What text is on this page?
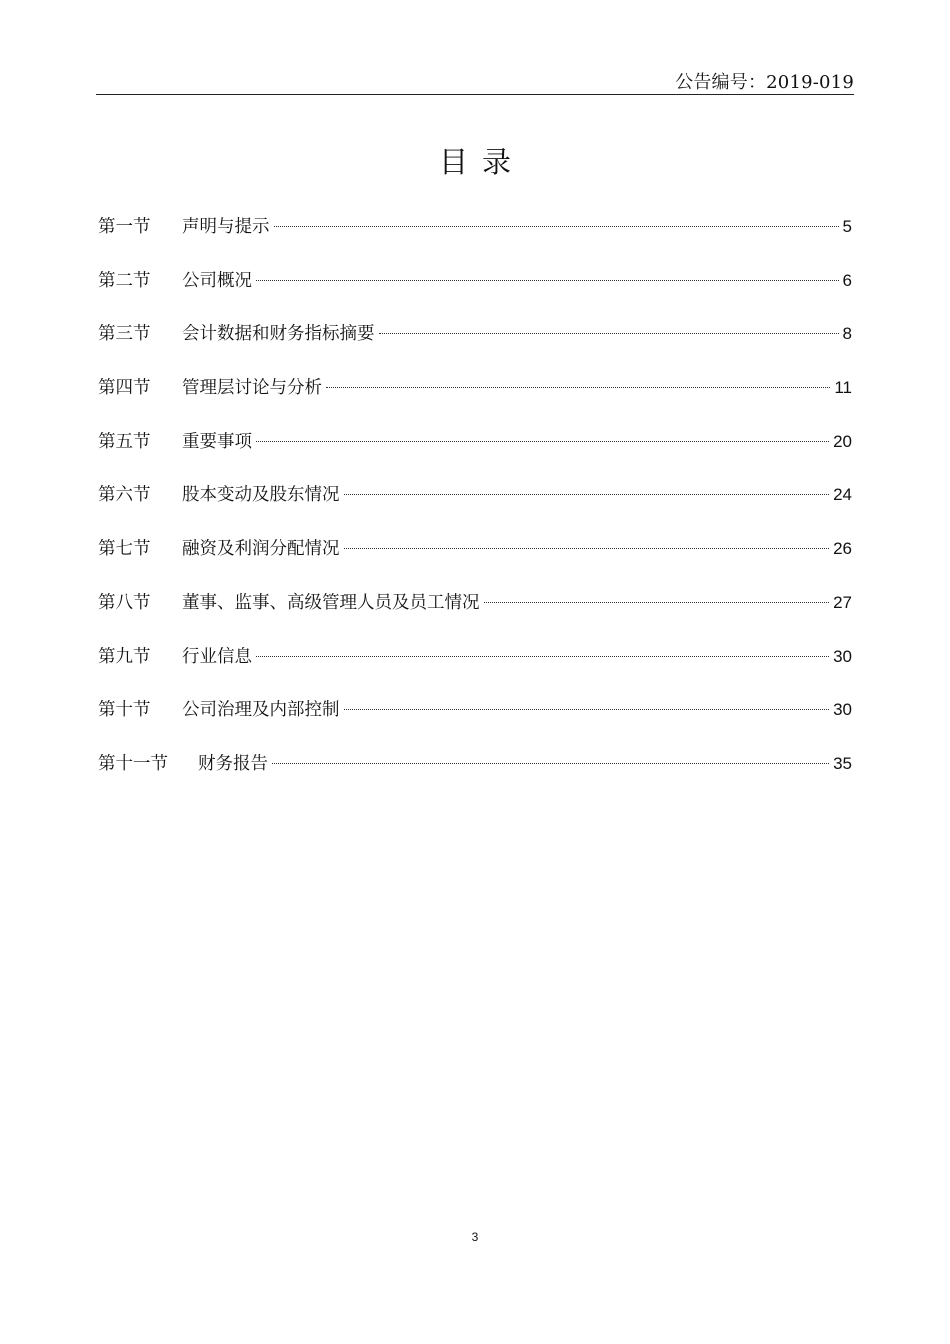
公告编号：2019-019
目录
第一节	声明与提示	5
第二节	公司概况	6
第三节	会计数据和财务指标摘要	8
第四节	管理层讨论与分析	11
第五节	重要事项	20
第六节	股本变动及股东情况	24
第七节	融资及利润分配情况	26
第八节	董事、监事、高级管理人员及员工情况	27
第九节	行业信息	30
第十节	公司治理及内部控制	30
第十一节	财务报告	35
3
